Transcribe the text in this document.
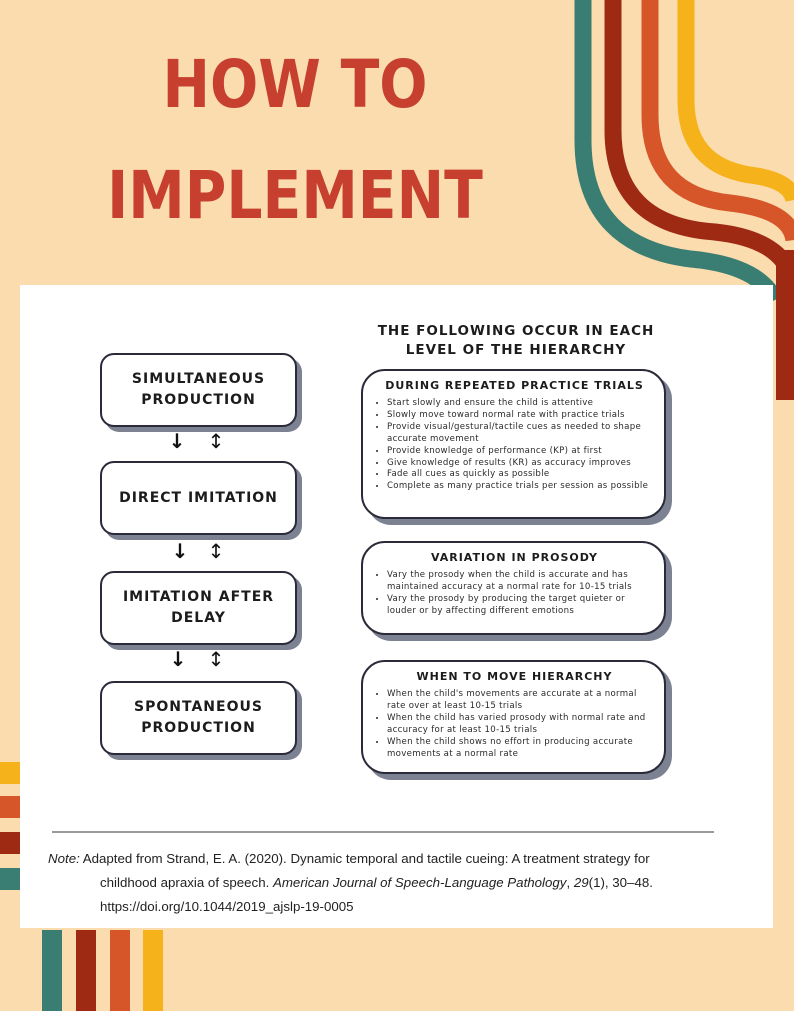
HOW TO
IMPLEMENT
THE FOLLOWING OCCUR IN EACH LEVEL OF THE HIERARCHY
SIMULTANEOUS PRODUCTION
↓ ↕
DIRECT IMITATION
↓ ↕
IMITATION AFTER DELAY
↓ ↕
SPONTANEOUS PRODUCTION
DURING REPEATED PRACTICE TRIALS
• Start slowly and ensure the child is attentive
• Slowly move toward normal rate with practice trials
• Provide visual/gestural/tactile cues as needed to shape accurate movement
• Provide knowledge of performance (KP) at first
• Give knowledge of results (KR) as accuracy improves
• Fade all cues as quickly as possible
• Complete as many practice trials per session as possible
VARIATION IN PROSODY
• Vary the prosody when the child is accurate and has maintained accuracy at a normal rate for 10-15 trials
• Vary the prosody by producing the target quieter or louder or by affecting different emotions
WHEN TO MOVE HIERARCHY
• When the child's movements are accurate at a normal rate over at least 10-15 trials
• When the child has varied prosody with normal rate and accuracy for at least 10-15 trials
• When the child shows no effort in producing accurate movements at a normal rate
Note: Adapted from Strand, E. A. (2020). Dynamic temporal and tactile cueing: A treatment strategy for
childhood apraxia of speech. American Journal of Speech-Language Pathology, 29(1), 30–48.
https://doi.org/10.1044/2019_ajslp-19-0005
